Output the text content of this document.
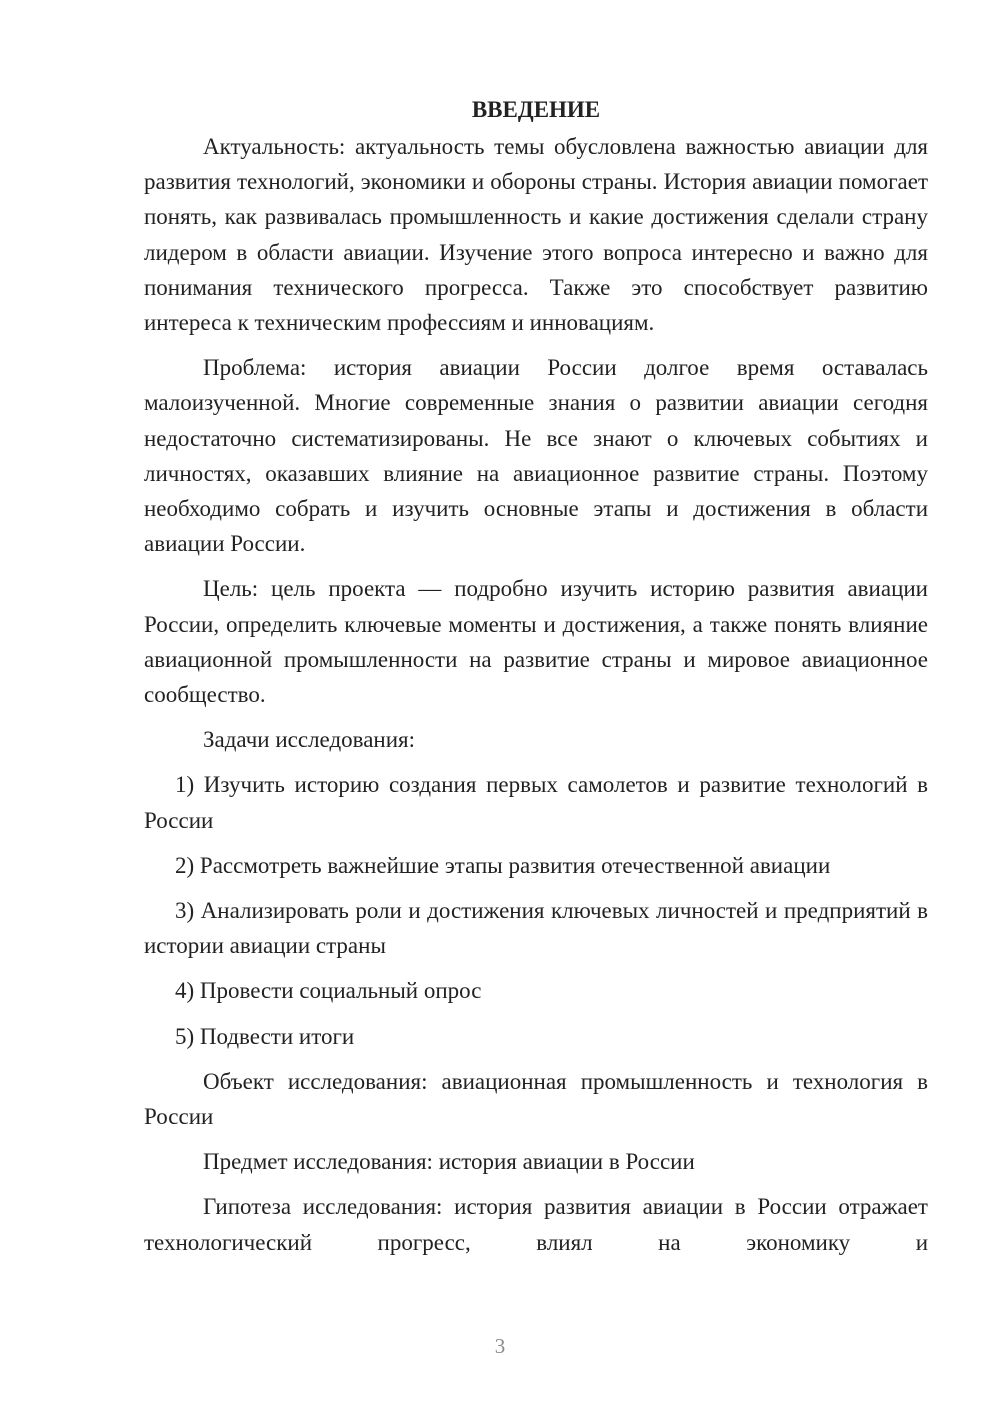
ВВЕДЕНИЕ

Актуальность: актуальность темы обусловлена важностью авиации для развития технологий, экономики и обороны страны. История авиации помогает понять, как развивалась промышленность и какие достижения сделали страну лидером в области авиации. Изучение этого вопроса интересно и важно для понимания технического прогресса. Также это способствует развитию интереса к техническим профессиям и инновациям.

Проблема: история авиации России долгое время оставалась малоизученной. Многие современные знания о развитии авиации сегодня недостаточно систематизированы. Не все знают о ключевых событиях и личностях, оказавших влияние на авиационное развитие страны. Поэтому необходимо собрать и изучить основные этапы и достижения в области авиации России.

Цель: цель проекта — подробно изучить историю развития авиации России, определить ключевые моменты и достижения, а также понять влияние авиационной промышленности на развитие страны и мировое авиационное сообщество.

Задачи исследования:

1) Изучить историю создания первых самолетов и развитие технологий в России

2) Рассмотреть важнейшие этапы развития отечественной авиации

3) Анализировать роли и достижения ключевых личностей и предприятий в истории авиации страны

4) Провести социальный опрос

5) Подвести итоги

Объект исследования: авиационная промышленность и технология в России

Предмет исследования: история авиации в России

Гипотеза исследования: история развития авиации в России отражает технологический прогресс, влиял на экономику и

3
